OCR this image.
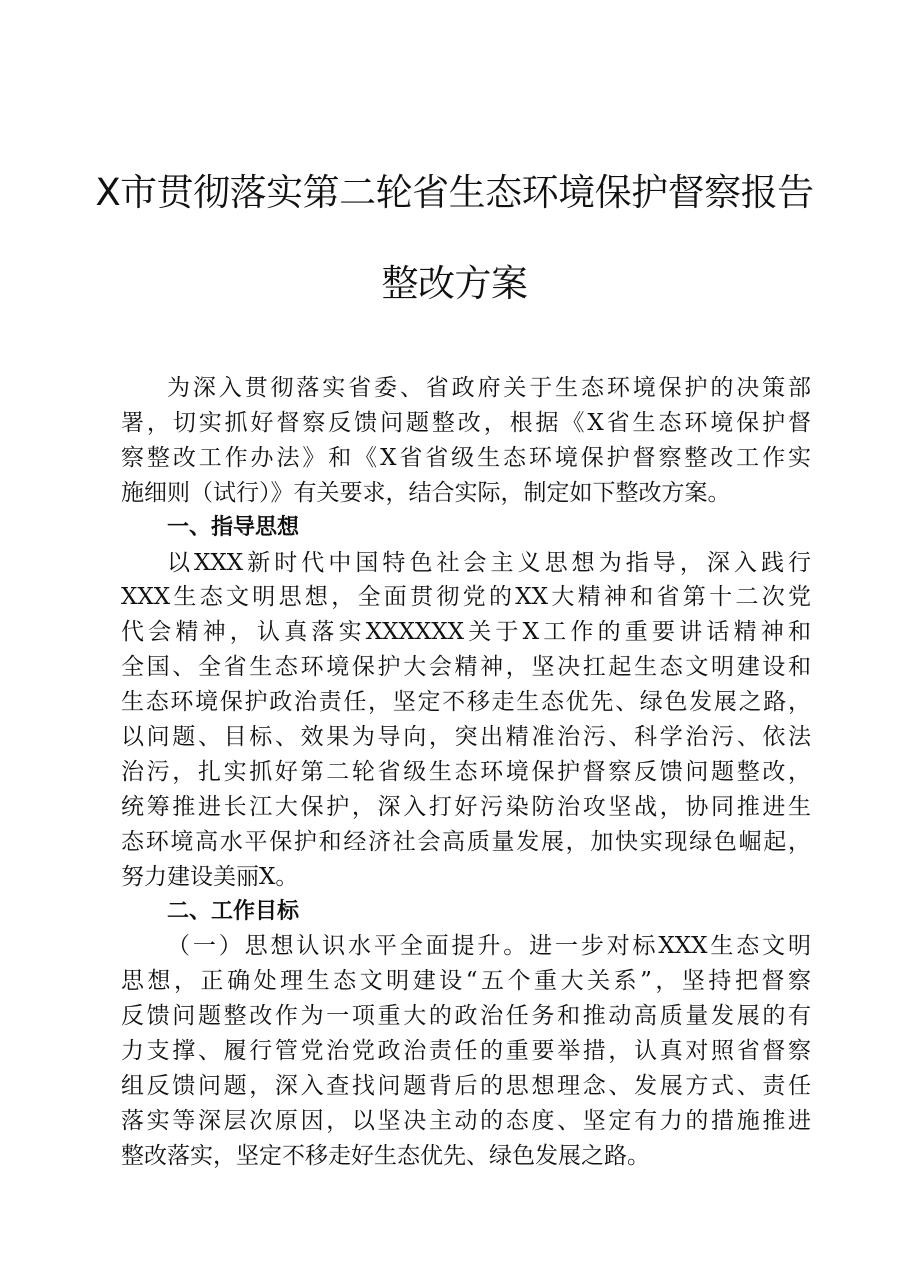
X市贯彻落实第二轮省生态环境保护督察报告
整改方案
为深入贯彻落实省委、省政府关于生态环境保护的决策部
署，切实抓好督察反馈问题整改，根据《X省生态环境保护督
察整改工作办法》和《X省省级生态环境保护督察整改工作实
施细则（试行）》有关要求，结合实际，制定如下整改方案。
一、指导思想
以XXX新时代中国特色社会主义思想为指导，深入践行
XXX生态文明思想，全面贯彻党的XX大精神和省第十二次党
代会精神，认真落实XXXXXX关于X工作的重要讲话精神和
全国、全省生态环境保护大会精神，坚决扛起生态文明建设和
生态环境保护政治责任，坚定不移走生态优先、绿色发展之路，
以问题、目标、效果为导向，突出精准治污、科学治污、依法
治污，扎实抓好第二轮省级生态环境保护督察反馈问题整改，
统筹推进长江大保护，深入打好污染防治攻坚战，协同推进生
态环境高水平保护和经济社会高质量发展，加快实现绿色崛起，
努力建设美丽X。
二、工作目标
（一）思想认识水平全面提升。进一步对标XXX生态文明
思想，正确处理生态文明建设“五个重大关系”，坚持把督察
反馈问题整改作为一项重大的政治任务和推动高质量发展的有
力支撑、履行管党治党政治责任的重要举措，认真对照省督察
组反馈问题，深入查找问题背后的思想理念、发展方式、责任
落实等深层次原因，以坚决主动的态度、坚定有力的措施推进
整改落实，坚定不移走好生态优先、绿色发展之路。
